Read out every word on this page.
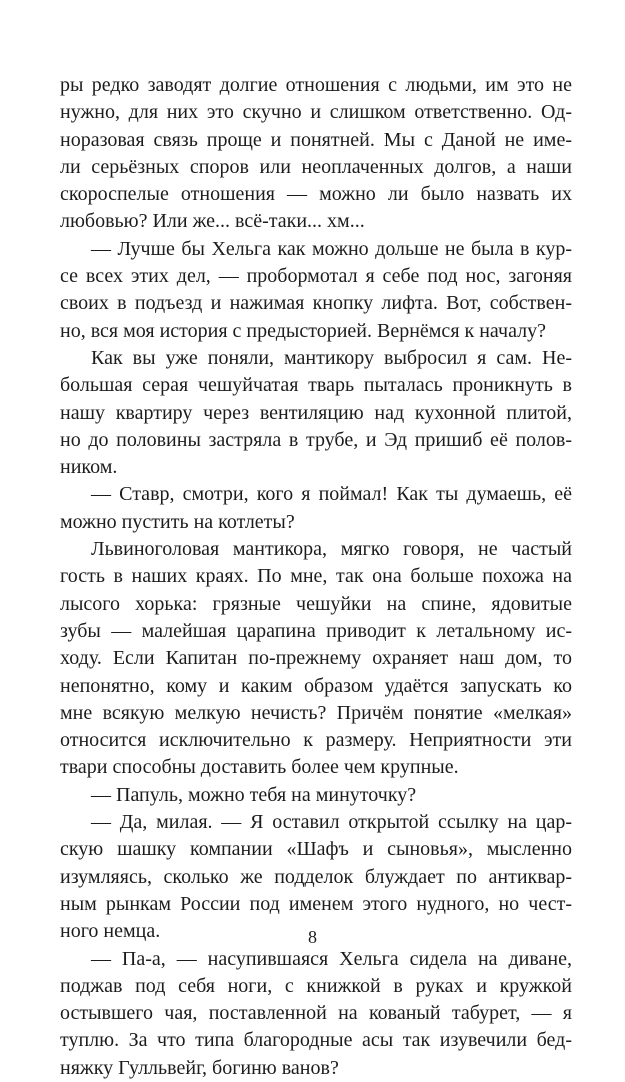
ры редко заводят долгие отношения с людьми, им это не
нужно, для них это скучно и слишком ответственно. Од-
норазовая связь проще и понятней. Мы с Даной не име-
ли серьёзных споров или неоплаченных долгов, а наши
скороспелые отношения — можно ли было назвать их
любовью? Или же... всё-таки... хм...
— Лучше бы Хельга как можно дольше не была в кур-
се всех этих дел, — пробормотал я себе под нос, загоняя
своих в подъезд и нажимая кнопку лифта. Вот, собствен-
но, вся моя история с предысторией. Вернёмся к началу?
Как вы уже поняли, мантикору выбросил я сам. Не-
большая серая чешуйчатая тварь пыталась проникнуть в
нашу квартиру через вентиляцию над кухонной плитой,
но до половины застряла в трубе, и Эд пришиб её полов-
ником.
— Ставр, смотри, кого я поймал! Как ты думаешь, её
можно пустить на котлеты?
Львиноголовая мантикора, мягко говоря, не частый
гость в наших краях. По мне, так она больше похожа на
лысого хорька: грязные чешуйки на спине, ядовитые
зубы — малейшая царапина приводит к летальному ис-
ходу. Если Капитан по-прежнему охраняет наш дом, то
непонятно, кому и каким образом удаётся запускать ко
мне всякую мелкую нечисть? Причём понятие «мелкая»
относится исключительно к размеру. Неприятности эти
твари способны доставить более чем крупные.
— Папуль, можно тебя на минуточку?
— Да, милая. — Я оставил открытой ссылку на цар-
скую шашку компании «Шафъ и сыновья», мысленно
изумляясь, сколько же подделок блуждает по антиквар-
ным рынкам России под именем этого нудного, но чест-
ного немца.
— Па-а, — насупившаяся Хельга сидела на диване,
поджав под себя ноги, с книжкой в руках и кружкой
остывшего чая, поставленной на кованый табурет, — я
туплю. За что типа благородные асы так изувечили бед-
няжку Гулльвейг, богиню ванов?
8
